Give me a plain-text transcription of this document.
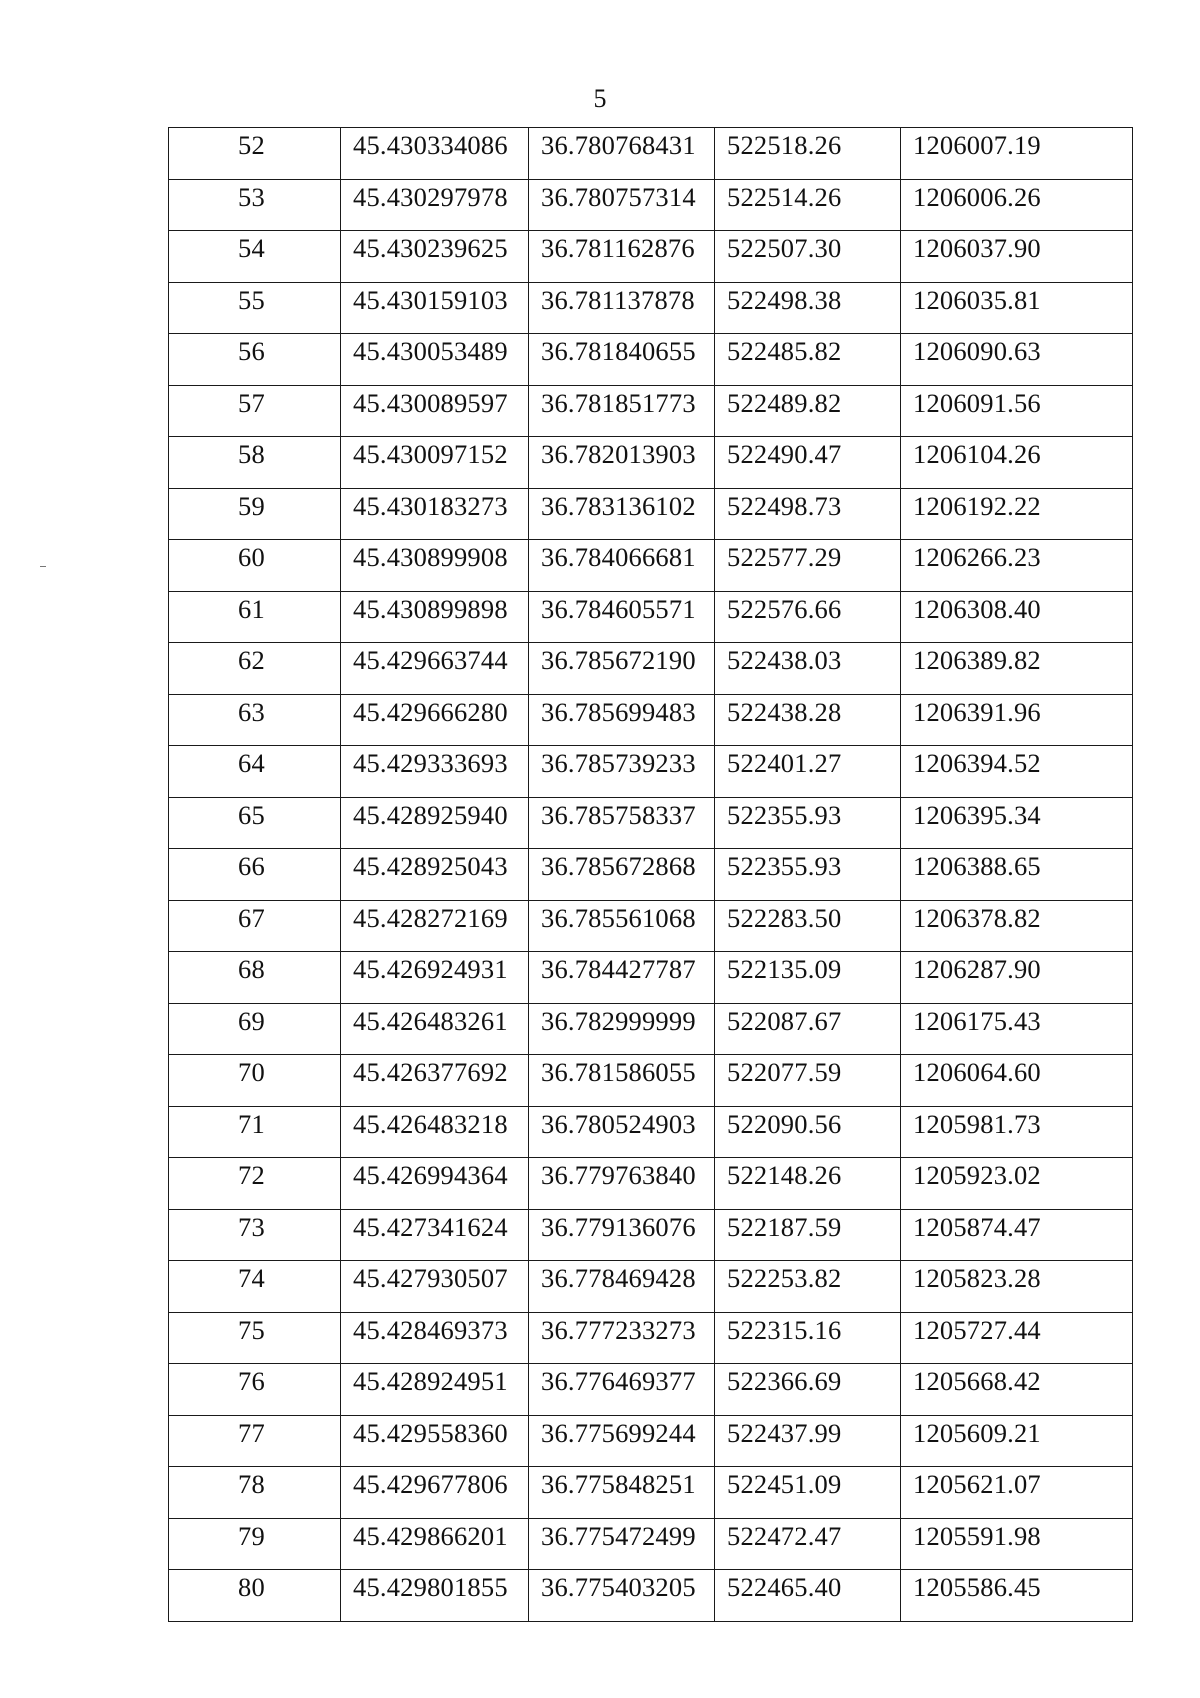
5
52	45.430334086	36.780768431	522518.26	1206007.19
53	45.430297978	36.780757314	522514.26	1206006.26
54	45.430239625	36.781162876	522507.30	1206037.90
55	45.430159103	36.781137878	522498.38	1206035.81
56	45.430053489	36.781840655	522485.82	1206090.63
57	45.430089597	36.781851773	522489.82	1206091.56
58	45.430097152	36.782013903	522490.47	1206104.26
59	45.430183273	36.783136102	522498.73	1206192.22
60	45.430899908	36.784066681	522577.29	1206266.23
61	45.430899898	36.784605571	522576.66	1206308.40
62	45.429663744	36.785672190	522438.03	1206389.82
63	45.429666280	36.785699483	522438.28	1206391.96
64	45.429333693	36.785739233	522401.27	1206394.52
65	45.428925940	36.785758337	522355.93	1206395.34
66	45.428925043	36.785672868	522355.93	1206388.65
67	45.428272169	36.785561068	522283.50	1206378.82
68	45.426924931	36.784427787	522135.09	1206287.90
69	45.426483261	36.782999999	522087.67	1206175.43
70	45.426377692	36.781586055	522077.59	1206064.60
71	45.426483218	36.780524903	522090.56	1205981.73
72	45.426994364	36.779763840	522148.26	1205923.02
73	45.427341624	36.779136076	522187.59	1205874.47
74	45.427930507	36.778469428	522253.82	1205823.28
75	45.428469373	36.777233273	522315.16	1205727.44
76	45.428924951	36.776469377	522366.69	1205668.42
77	45.429558360	36.775699244	522437.99	1205609.21
78	45.429677806	36.775848251	522451.09	1205621.07
79	45.429866201	36.775472499	522472.47	1205591.98
80	45.429801855	36.775403205	522465.40	1205586.45
